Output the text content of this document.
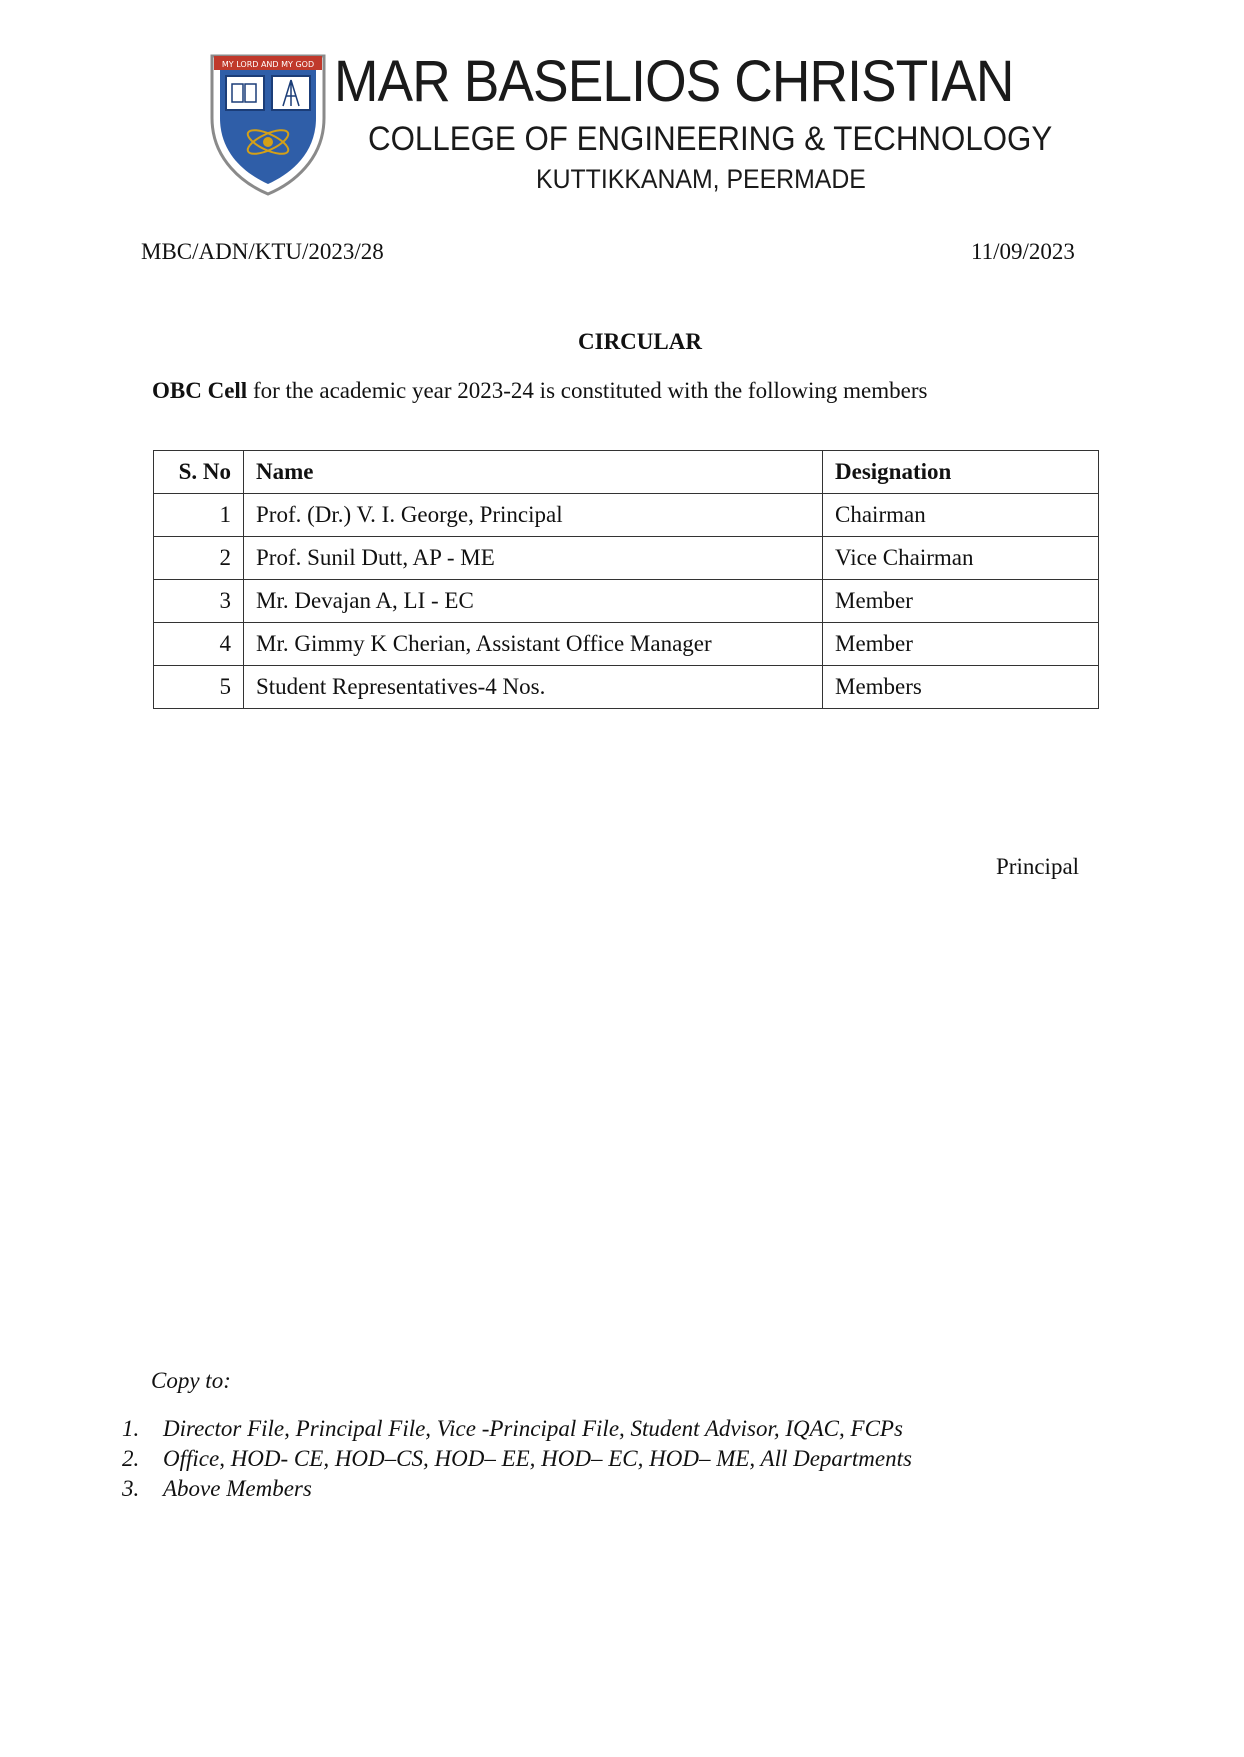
MY LORD AND MY GOD MAR BASELIOS CHRISTIAN
COLLEGE OF ENGINEERING & TECHNOLOGY
KUTTIKKANAM, PEERMADE
MBC/ADN/KTU/2023/28	11/09/2023
CIRCULAR
OBC Cell for the academic year 2023-24 is constituted with the following members
S. No	Name	Designation
1	Prof. (Dr.) V. I. George, Principal	Chairman
2	Prof. Sunil Dutt, AP - ME	Vice Chairman
3	Mr. Devajan A, LI - EC	Member
4	Mr. Gimmy K Cherian, Assistant Office Manager	Member
5	Student Representatives-4 Nos.	Members
Principal
Copy to:
1. Director File, Principal File, Vice -Principal File, Student Advisor, IQAC, FCPs
2. Office, HOD- CE, HOD–CS, HOD– EE, HOD– EC, HOD– ME, All Departments
3. Above Members
